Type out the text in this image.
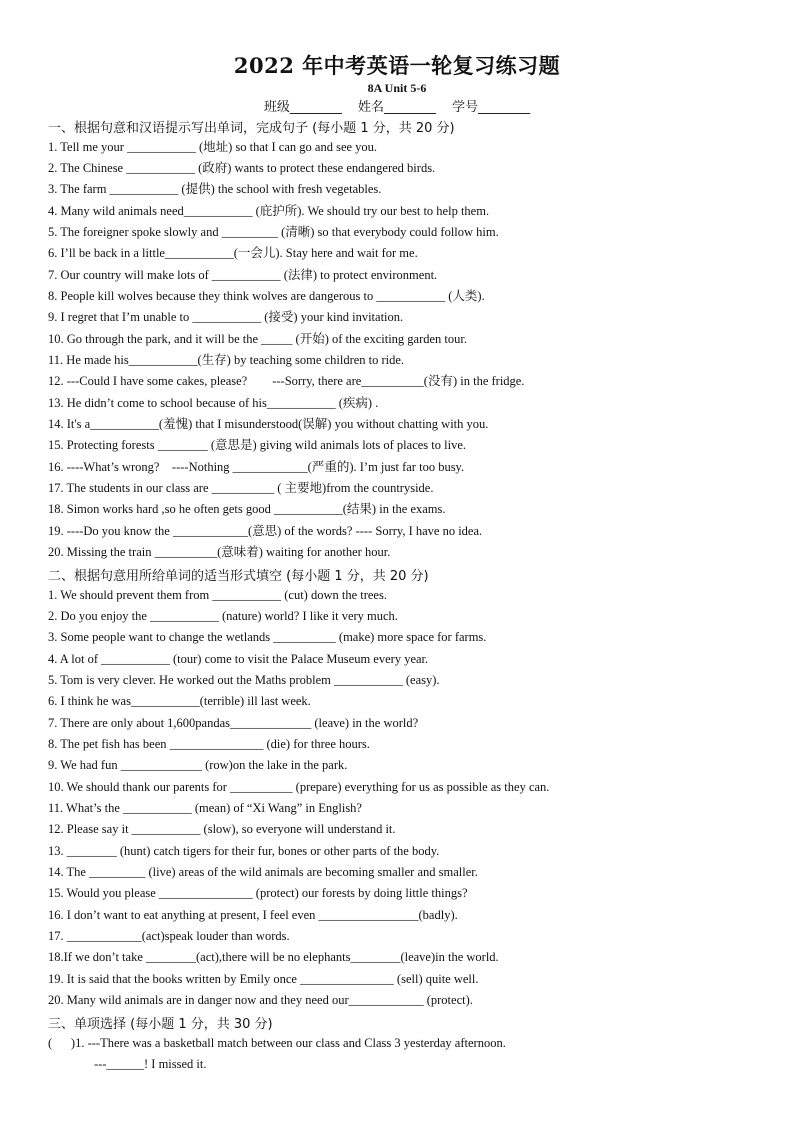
2022 年中考英语一轮复习练习题
8A Unit 5-6
班级________ 姓名________ 学号________
一、根据句意和汉语提示写出单词，完成句子 (每小题 1 分，共 20 分)
1. Tell me your ___________ (地址) so that I can go and see you.
2. The Chinese ___________ (政府) wants to protect these endangered birds.
3. The farm ___________ (提供) the school with fresh vegetables.
4. Many wild animals need___________ (庇护所). We should try our best to help them.
5. The foreigner spoke slowly and _________ (清晰) so that everybody could follow him.
6. I’ll be back in a little___________(一会儿). Stay here and wait for me.
7. Our country will make lots of ___________ (法律) to protect environment.
8. People kill wolves because they think wolves are dangerous to ___________ (人类).
9. I regret that I’m unable to ___________ (接受) your kind invitation.
10. Go through the park, and it will be the _____ (开始) of the exciting garden tour.
11. He made his___________(生存) by teaching some children to ride.
12. ---Could I have some cakes, please?        ---Sorry, there are__________(没有) in the fridge.
13. He didn’t come to school because of his___________ (疾病) .
14. It's a___________(羞愧) that I misunderstood(误解) you without chatting with you.
15. Protecting forests ________ (意思是) giving wild animals lots of places to live.
16. ----What’s wrong?    ----Nothing ____________(严重的). I’m just far too busy.
17. The students in our class are __________ ( 主要地)from the countryside.
18. Simon works hard ,so he often gets good ___________(结果) in the exams.
19. ----Do you know the ____________(意思) of the words? ---- Sorry, I have no idea.
20. Missing the train __________(意味着) waiting for another hour.
二、根据句意用所给单词的适当形式填空 (每小题 1 分，共 20 分)
1. We should prevent them from ___________ (cut) down the trees.
2. Do you enjoy the ___________ (nature) world? I like it very much.
3. Some people want to change the wetlands __________ (make) more space for farms.
4. A lot of ___________ (tour) come to visit the Palace Museum every year.
5. Tom is very clever. He worked out the Maths problem ___________ (easy).
6. I think he was___________(terrible) ill last week.
7. There are only about 1,600pandas_____________ (leave) in the world?
8. The pet fish has been _______________ (die) for three hours.
9. We had fun _____________ (row)on the lake in the park.
10. We should thank our parents for __________ (prepare) everything for us as possible as they can.
11. What’s the ___________ (mean) of “Xi Wang” in English?
12. Please say it ___________ (slow), so everyone will understand it.
13. ________ (hunt) catch tigers for their fur, bones or other parts of the body.
14. The _________ (live) areas of the wild animals are becoming smaller and smaller.
15. Would you please _______________ (protect) our forests by doing little things?
16. I don’t want to eat anything at present, I feel even ________________(badly).
17. ____________(act)speak louder than words.
18.If we don’t take ________(act),there will be no elephants________(leave)in the world.
19. It is said that the books written by Emily once _______________ (sell) quite well.
20. Many wild animals are in danger now and they need our____________ (protect).
三、单项选择 (每小题 1 分，共 30 分)
(      )1. ---There was a basketball match between our class and Class 3 yesterday afternoon.
---______! I missed it.
